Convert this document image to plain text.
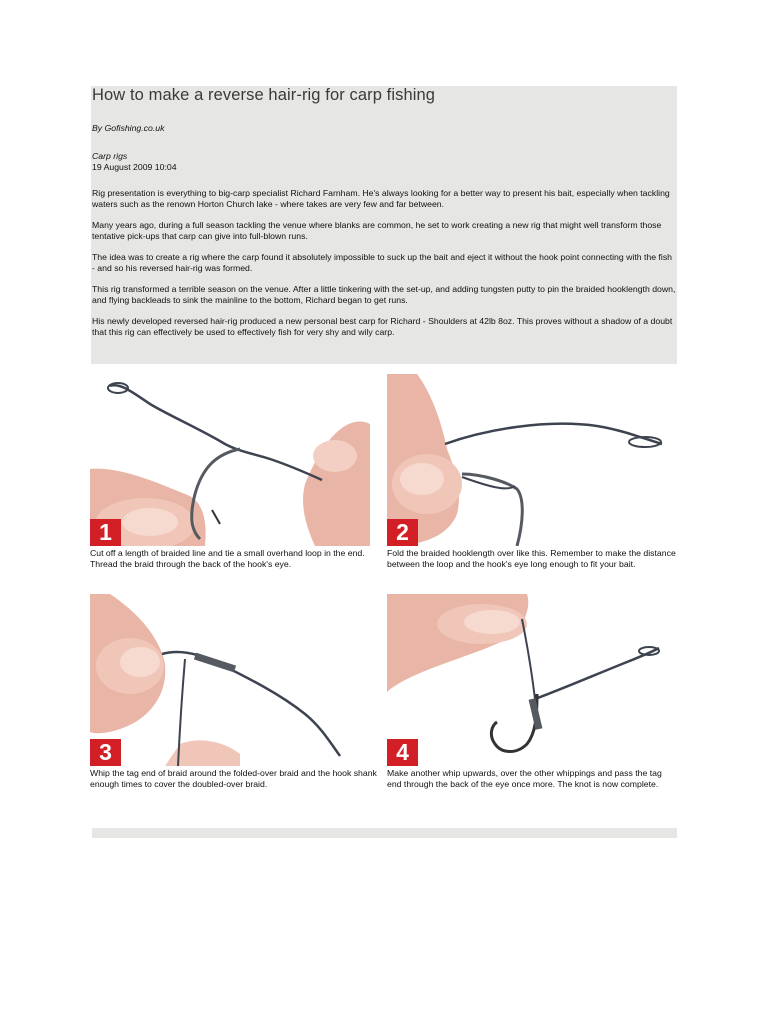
How to make a reverse hair-rig for carp fishing
By Gofishing.co.uk
Carp rigs
19 August 2009 10:04

Rig presentation is everything to big-carp specialist Richard Farnham. He's always looking for a better way to present his bait, especially when tackling waters such as the renown Horton Church lake - where takes are very few and far between.

Many years ago, during a full season tackling the venue where blanks are common, he set to work creating a new rig that might well transform those tentative pick-ups that carp can give into full-blown runs.

The idea was to create a rig where the carp found it absolutely impossible to suck up the bait and eject it without the hook point connecting with the fish - and so his reversed hair-rig was formed.

This rig transformed a terrible season on the venue. After a little tinkering with the set-up, and adding tungsten putty to pin the braided hooklength down, and flying backleads to sink the mainline to the bottom, Richard began to get runs.

His newly developed reversed hair-rig produced a new personal best carp for Richard - Shoulders at 42lb 8oz. This proves without a shadow of a doubt that this rig can effectively be used to effectively fish for very shy and wily carp.

1

Cut off a length of braided line and tie a small overhand loop in the end. Thread the braid through the back of the hook's eye.

2

Fold the braided hooklength over like this. Remember to make the distance between the loop and the hook's eye long enough to fit your bait.

3

Whip the tag end of braid around the folded-over braid and the hook shank enough times to cover the doubled-over braid.

4

Make another whip upwards, over the other whippings and pass the tag end through the back of the eye once more. The knot is now complete.
